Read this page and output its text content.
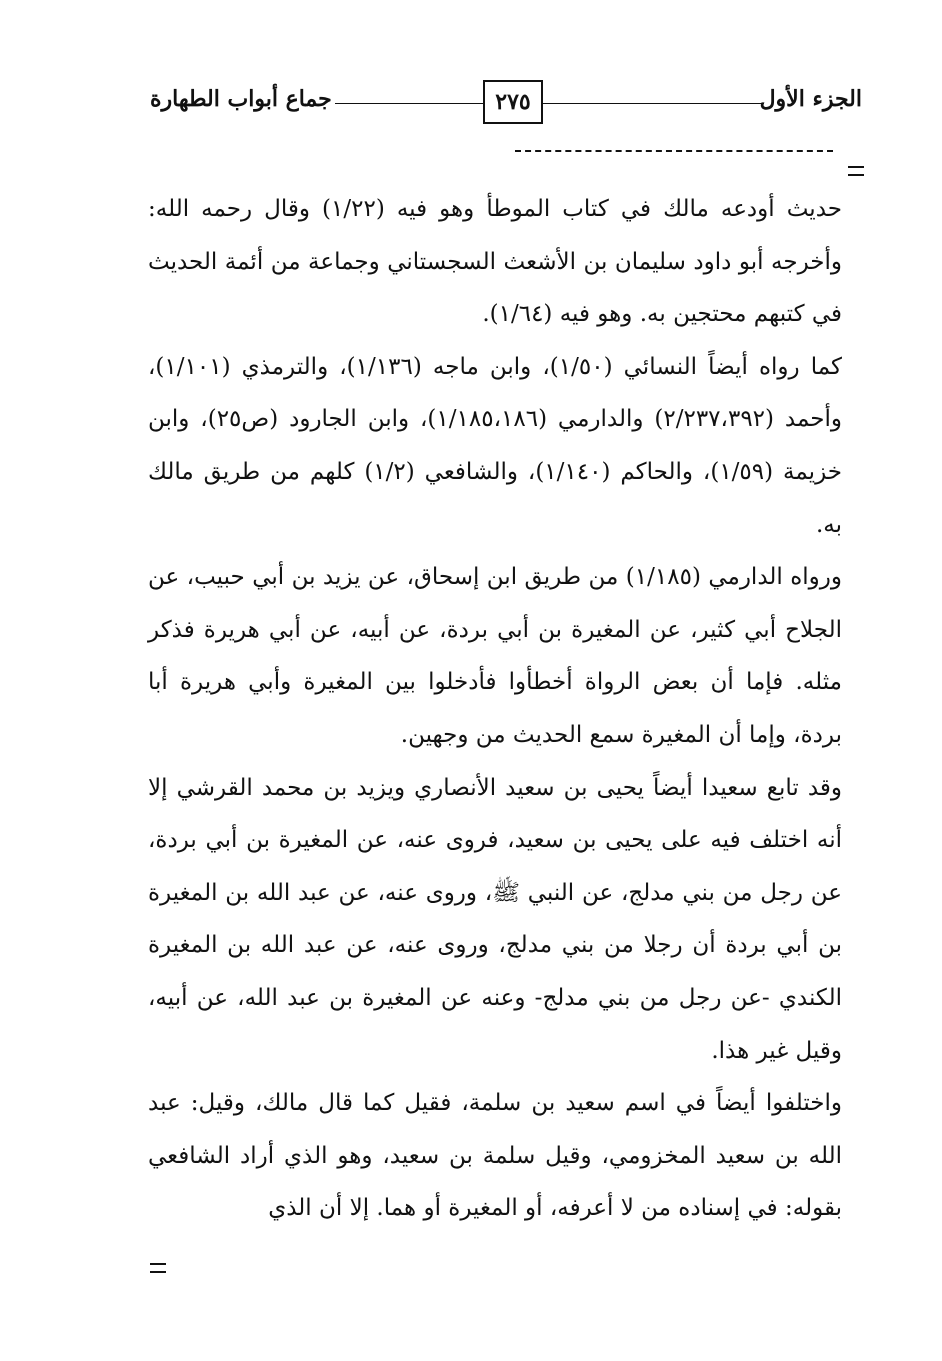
جماع أبواب الطهارة	٢٧٥	الجزء الأول

حديث أودعه مالك في كتاب الموطأ وهو فيه (١/٢٢) وقال رحمه الله: وأخرجه أبو داود سليمان بن الأشعث السجستاني وجماعة من أئمة الحديث في كتبهم محتجين به. وهو فيه (١/٦٤).

كما رواه أيضاً النسائي (١/٥٠)، وابن ماجه (١/١٣٦)، والترمذي (١/١٠١)، وأحمد (٢/٢٣٧،٣٩٢) والدارمي (١/١٨٥،١٨٦)، وابن الجارود (ص٢٥)، وابن خزيمة (١/٥٩)، والحاكم (١/١٤٠)، والشافعي (١/٢) كلهم من طريق مالك به.

ورواه الدارمي (١/١٨٥) من طريق ابن إسحاق، عن يزيد بن أبي حبيب، عن الجلاح أبي كثير، عن المغيرة بن أبي بردة، عن أبيه، عن أبي هريرة فذكر مثله. فإما أن بعض الرواة أخطأوا فأدخلوا بين المغيرة وأبي هريرة أبا بردة، وإما أن المغيرة سمع الحديث من وجهين.

وقد تابع سعيدا أيضاً يحيى بن سعيد الأنصاري ويزيد بن محمد القرشي إلا أنه اختلف فيه على يحيى بن سعيد، فروى عنه، عن المغيرة بن أبي بردة، عن رجل من بني مدلج، عن النبي ﷺ، وروى عنه، عن عبد الله بن المغيرة بن أبي بردة أن رجلا من بني مدلج، وروى عنه، عن عبد الله بن المغيرة الكندي -عن رجل من بني مدلج- وعنه عن المغيرة بن عبد الله، عن أبيه، وقيل غير هذا.

واختلفوا أيضاً في اسم سعيد بن سلمة، فقيل كما قال مالك، وقيل: عبد الله بن سعيد المخزومي، وقيل سلمة بن سعيد، وهو الذي أراد الشافعي بقوله: في إسناده من لا أعرفه، أو المغيرة أو هما. إلا أن الذي
